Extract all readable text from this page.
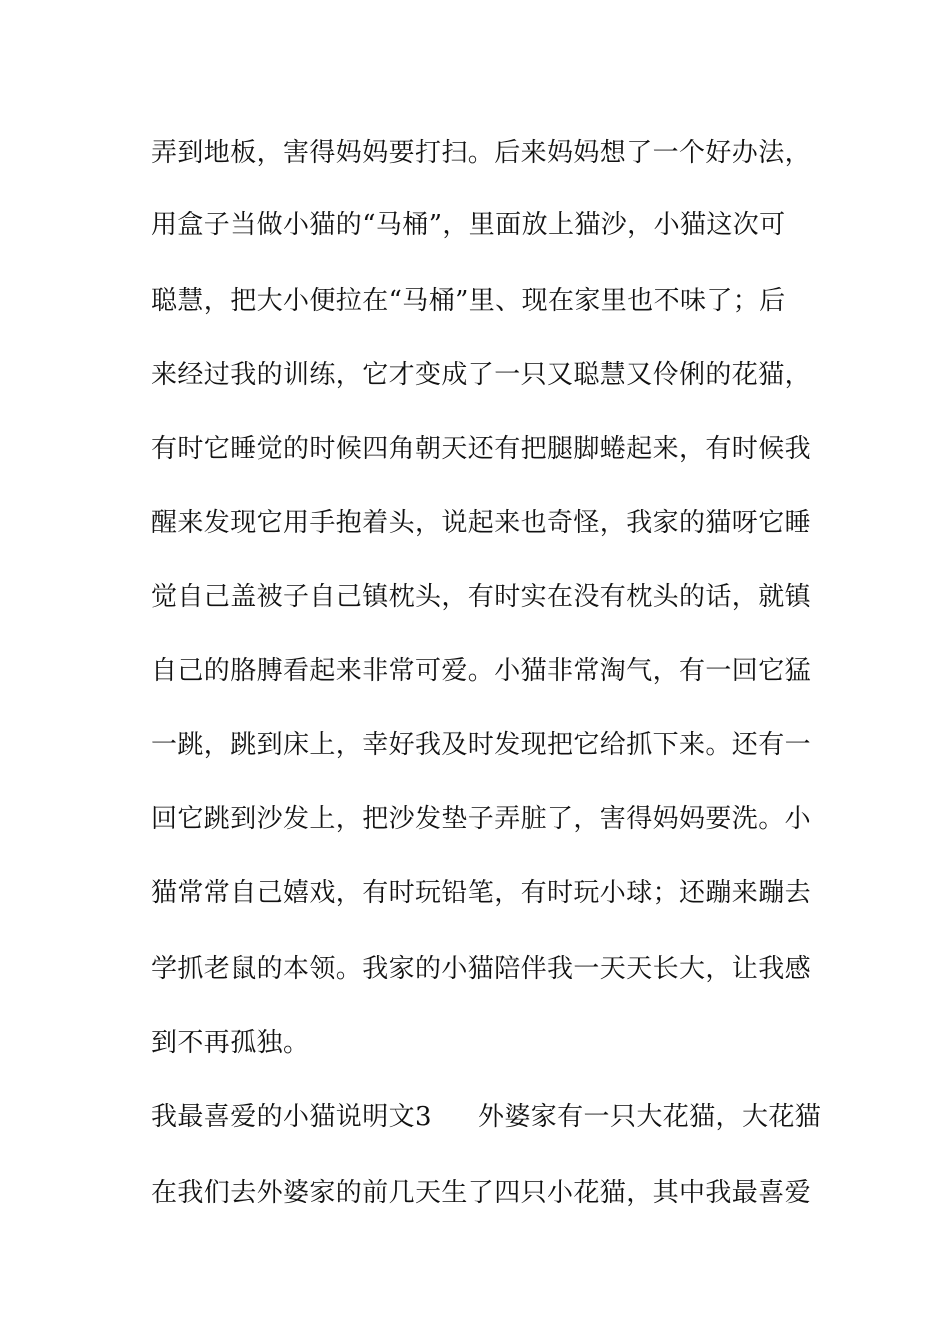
弄到地板，害得妈妈要打扫。后来妈妈想了一个好办法，
用盒子当做小猫的“马桶”，里面放上猫沙，小猫这次可
聪慧，把大小便拉在“马桶”里、现在家里也不味了；后
来经过我的训练，它才变成了一只又聪慧又伶俐的花猫，
有时它睡觉的时候四角朝天还有把腿脚蜷起来，有时候我
醒来发现它用手抱着头，说起来也奇怪，我家的猫呀它睡
觉自己盖被子自己镇枕头，有时实在没有枕头的话，就镇
自己的胳膊看起来非常可爱。小猫非常淘气，有一回它猛
一跳，跳到床上，幸好我及时发现把它给抓下来。还有一
回它跳到沙发上，把沙发垫子弄脏了，害得妈妈要洗。小
猫常常自己嬉戏，有时玩铅笔，有时玩小球；还蹦来蹦去
学抓老鼠的本领。我家的小猫陪伴我一天天长大，让我感
到不再孤独。
我最喜爱的小猫说明文3 外婆家有一只大花猫，大花猫
在我们去外婆家的前几天生了四只小花猫，其中我最喜爱
